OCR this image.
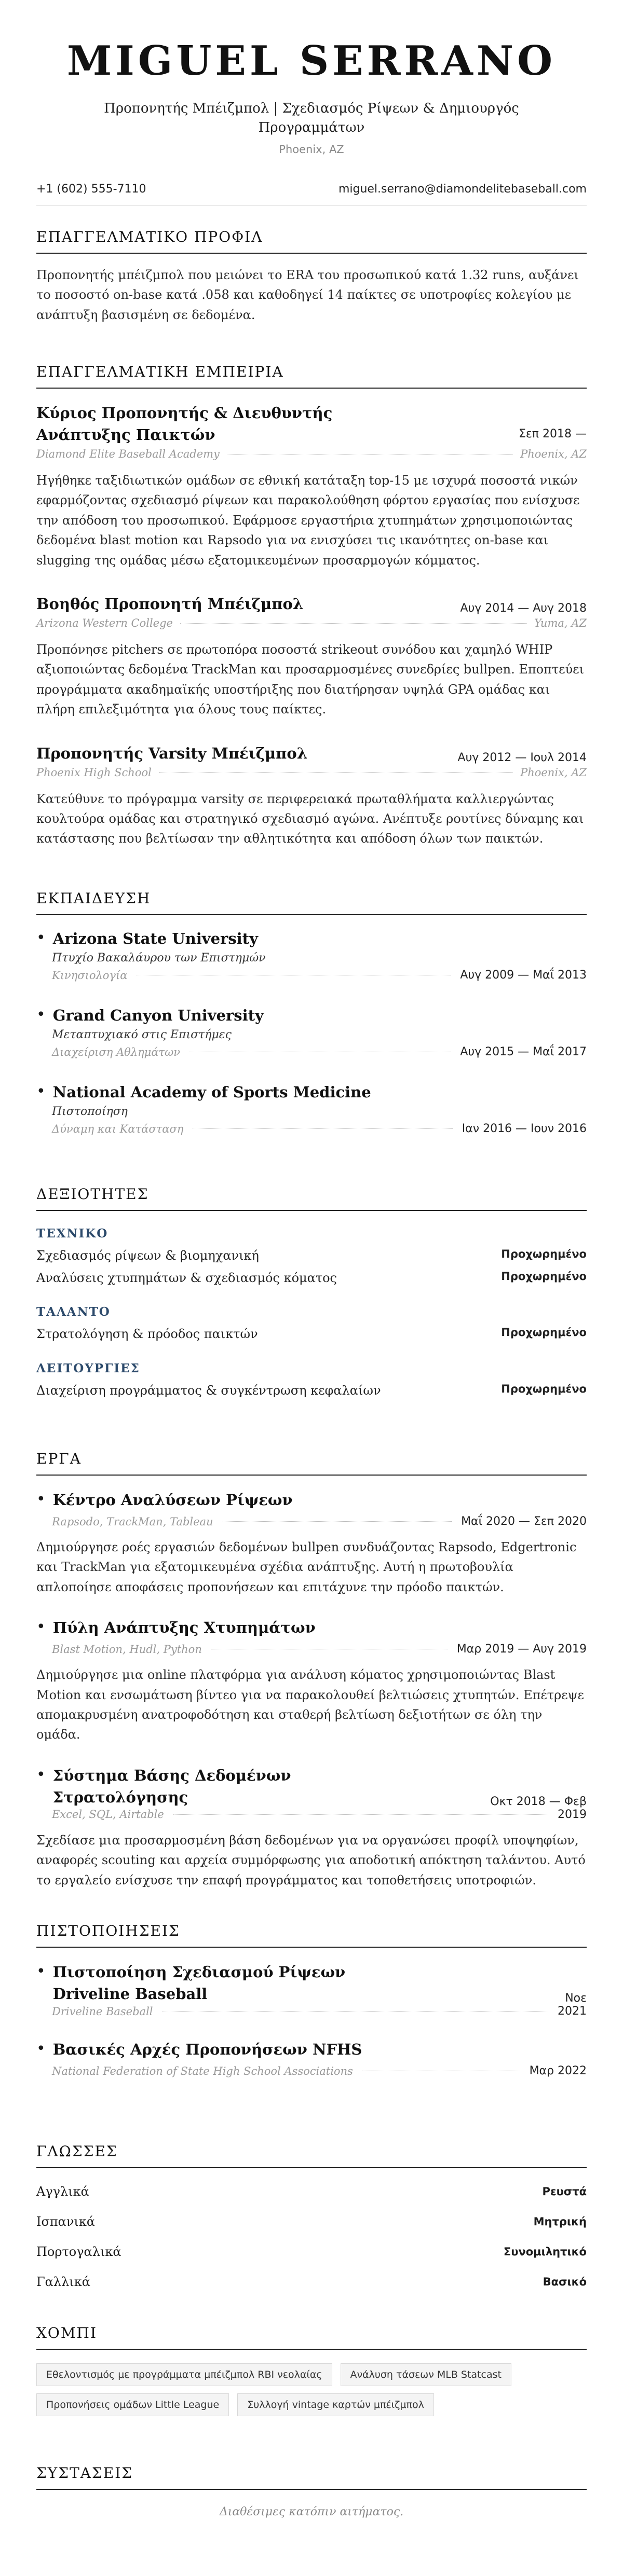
MIGUEL SERRANO
Προπονητής Μπέιζμπολ | Σχεδιασμός Ρίψεων & Δημιουργός Προγραμμάτων
Phoenix, AZ
+1 (602) 555-7110	miguel.serrano@diamondelitebaseball.com
ΕΠΑΓΓΕΛΜΑΤΙΚΟ ΠΡΟΦΙΛ
Προπονητής μπέιζμπολ που μειώνει το ERA του προσωπικού κατά 1.32 runs, αυξάνει το ποσοστό on-base κατά .058 και καθοδηγεί 14 παίκτες σε υποτροφίες κολεγίου με ανάπτυξη βασισμένη σε δεδομένα.
ΕΠΑΓΓΕΛΜΑΤΙΚΗ ΕΜΠΕΙΡΙΑ
Κύριος Προπονητής & Διευθυντής Ανάπτυξης Παικτών	Σεπ 2018 —
Diamond Elite Baseball Academy	Phoenix, AZ
Ηγήθηκε ταξιδιωτικών ομάδων σε εθνική κατάταξη top-15 με ισχυρά ποσοστά νικών εφαρμόζοντας σχεδιασμό ρίψεων και παρακολούθηση φόρτου εργασίας που ενίσχυσε την απόδοση του προσωπικού. Εφάρμοσε εργαστήρια χτυπημάτων χρησιμοποιώντας δεδομένα blast motion και Rapsodo για να ενισχύσει τις ικανότητες on-base και slugging της ομάδας μέσω εξατομικευμένων προσαρμογών κόμματος.
Βοηθός Προπονητή Μπέιζμπολ	Αυγ 2014 — Αυγ 2018
Arizona Western College	Yuma, AZ
Προπόνησε pitchers σε πρωτοπόρα ποσοστά strikeout συνόδου και χαμηλό WHIP αξιοποιώντας δεδομένα TrackMan και προσαρμοσμένες συνεδρίες bullpen. Εποπτεύει προγράμματα ακαδημαϊκής υποστήριξης που διατήρησαν υψηλά GPA ομάδας και πλήρη επιλεξιμότητα για όλους τους παίκτες.
Προπονητής Varsity Μπέιζμπολ	Αυγ 2012 — Ιουλ 2014
Phoenix High School	Phoenix, AZ
Κατεύθυνε το πρόγραμμα varsity σε περιφερειακά πρωταθλήματα καλλιεργώντας κουλτούρα ομάδας και στρατηγικό σχεδιασμό αγώνα. Ανέπτυξε ρουτίνες δύναμης και κατάστασης που βελτίωσαν την αθλητικότητα και απόδοση όλων των παικτών.
ΕΚΠΑΙΔΕΥΣΗ
• Arizona State University
Πτυχίο Βακαλάυρου των Επιστημών
Κινησιολογία	Αυγ 2009 — Μαΐ 2013
• Grand Canyon University
Μεταπτυχιακό στις Επιστήμες
Διαχείριση Αθλημάτων	Αυγ 2015 — Μαΐ 2017
• National Academy of Sports Medicine
Πιστοποίηση
Δύναμη και Κατάσταση	Ιαν 2016 — Ιουν 2016
ΔΕΞΙΟΤΗΤΕΣ
ΤΕΧΝΙΚΟ
Σχεδιασμός ρίψεων & βιομηχανική	Προχωρημένο
Αναλύσεις χτυπημάτων & σχεδιασμός κόματος	Προχωρημένο
ΤΑΛΑΝΤΟ
Στρατολόγηση & πρόοδος παικτών	Προχωρημένο
ΛΕΙΤΟΥΡΓΙΕΣ
Διαχείριση προγράμματος & συγκέντρωση κεφαλαίων	Προχωρημένο
ΕΡΓΑ
• Κέντρο Αναλύσεων Ρίψεων
Rapsodo, TrackMan, Tableau	Μαΐ 2020 — Σεπ 2020
Δημιούργησε ροές εργασιών δεδομένων bullpen συνδυάζοντας Rapsodo, Edgertronic και TrackMan για εξατομικευμένα σχέδια ανάπτυξης. Αυτή η πρωτοβουλία απλοποίησε αποφάσεις προπονήσεων και επιτάχυνε την πρόοδο παικτών.
• Πύλη Ανάπτυξης Χτυπημάτων
Blast Motion, Hudl, Python	Μαρ 2019 — Αυγ 2019
Δημιούργησε μια online πλατφόρμα για ανάλυση κόματος χρησιμοποιώντας Blast Motion και ενσωμάτωση βίντεο για να παρακολουθεί βελτιώσεις χτυπητών. Επέτρεψε απομακρυσμένη ανατροφοδότηση και σταθερή βελτίωση δεξιοτήτων σε όλη την ομάδα.
• Σύστημα Βάσης Δεδομένων Στρατολόγησης	Οκτ 2018 — Φεβ
Excel, SQL, Airtable	2019
Σχεδίασε μια προσαρμοσμένη βάση δεδομένων για να οργανώσει προφίλ υποψηφίων, αναφορές scouting και αρχεία συμμόρφωσης για αποδοτική απόκτηση ταλάντου. Αυτό το εργαλείο ενίσχυσε την επαφή προγράμματος και τοποθετήσεις υποτροφιών.
ΠΙΣΤΟΠΟΙΗΣΕΙΣ
• Πιστοποίηση Σχεδιασμού Ρίψεων Driveline Baseball	Νοε
Driveline Baseball	2021
• Βασικές Αρχές Προπονήσεων NFHS
National Federation of State High School Associations	Μαρ 2022
ΓΛΩΣΣΕΣ
Αγγλικά	Ρευστά
Ισπανικά	Μητρική
Πορτογαλικά	Συνομιλητικό
Γαλλικά	Βασικό
ΧΟΜΠΙ
Εθελοντισμός με προγράμματα μπέιζμπολ RBI νεολαίας	Ανάλυση τάσεων MLB Statcast
Προπονήσεις ομάδων Little League	Συλλογή vintage καρτών μπέιζμπολ
ΣΥΣΤΑΣΕΙΣ
Διαθέσιμες κατόπιν αιτήματος.
